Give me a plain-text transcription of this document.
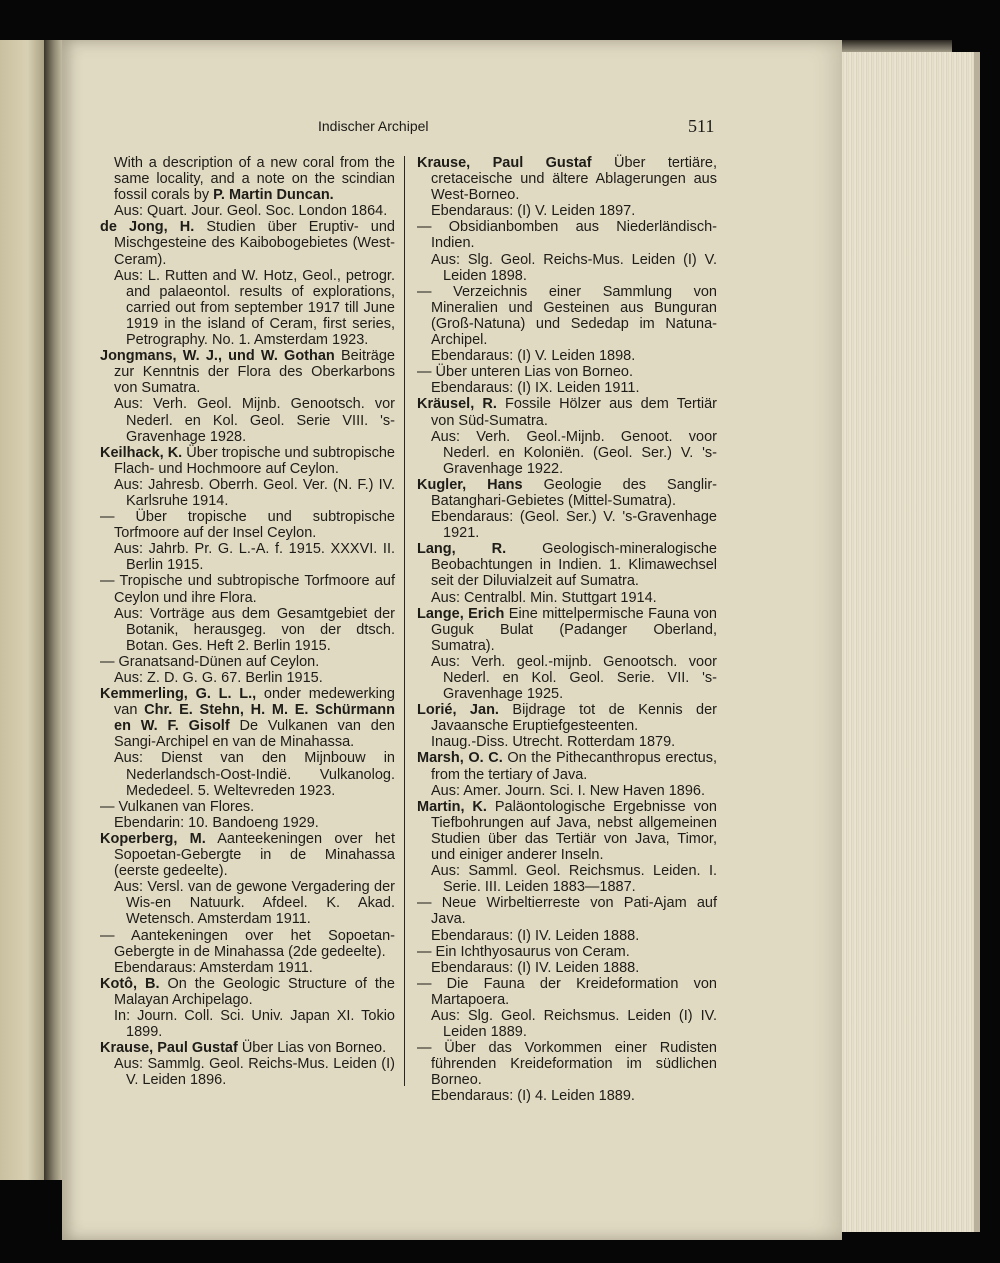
Indischer Archipel	511
With a description of a new coral from the same locality, and a note on the scindian fossil corals by P. Martin Duncan.
Aus: Quart. Jour. Geol. Soc. London 1864.
de Jong, H. Studien über Eruptiv- und Mischgesteine des Kaibobogebietes (West-Ceram).
Aus: L. Rutten and W. Hotz, Geol., petrogr. and palaeontol. results of explorations, carried out from september 1917 till June 1919 in the island of Ceram, first series, Petrography. No. 1. Amsterdam 1923.
Jongmans, W. J., und W. Gothan Beiträge zur Kenntnis der Flora des Oberkarbons von Sumatra.
Aus: Verh. Geol. Mijnb. Genootsch. vor Nederl. en Kol. Geol. Serie VIII. 's-Gravenhage 1928.
Keilhack, K. Über tropische und subtropische Flach- und Hochmoore auf Ceylon.
Aus: Jahresb. Oberrh. Geol. Ver. (N. F.) IV. Karlsruhe 1914.
— Über tropische und subtropische Torfmoore auf der Insel Ceylon.
Aus: Jahrb. Pr. G. L.-A. f. 1915. XXXVI. II. Berlin 1915.
— Tropische und subtropische Torfmoore auf Ceylon und ihre Flora.
Aus: Vorträge aus dem Gesamtgebiet der Botanik, herausgeg. von der dtsch. Botan. Ges. Heft 2. Berlin 1915.
— Granatsand-Dünen auf Ceylon.
Aus: Z. D. G. G. 67. Berlin 1915.
Kemmerling, G. L. L., onder medewerking van Chr. E. Stehn, H. M. E. Schürmann en W. F. Gisolf De Vulkanen van den Sangi-Archipel en van de Minahassa.
Aus: Dienst van den Mijnbouw in Nederlandsch-Oost-Indië. Vulkanolog. Mededeel. 5. Weltevreden 1923.
— Vulkanen van Flores.
Ebendarin: 10. Bandoeng 1929.
Koperberg, M. Aanteekeningen over het Sopoetan-Gebergte in de Minahassa (eerste gedeelte).
Aus: Versl. van de gewone Vergadering der Wis-en Natuurk. Afdeel. K. Akad. Wetensch. Amsterdam 1911.
— Aantekeningen over het Sopoetan-Gebergte in de Minahassa (2de gedeelte).
Ebendaraus: Amsterdam 1911.
Kotô, B. On the Geologic Structure of the Malayan Archipelago.
In: Journ. Coll. Sci. Univ. Japan XI. Tokio 1899.
Krause, Paul Gustaf Über Lias von Borneo.
Aus: Sammlg. Geol. Reichs-Mus. Leiden (I) V. Leiden 1896.
Krause, Paul Gustaf Über tertiäre, cretaceische und ältere Ablagerungen aus West-Borneo.
Ebendaraus: (I) V. Leiden 1897.
— Obsidianbomben aus Niederländisch-Indien.
Aus: Slg. Geol. Reichs-Mus. Leiden (I) V. Leiden 1898.
— Verzeichnis einer Sammlung von Mineralien und Gesteinen aus Bunguran (Groß-Natuna) und Sededap im Natuna-Archipel.
Ebendaraus: (I) V. Leiden 1898.
— Über unteren Lias von Borneo.
Ebendaraus: (I) IX. Leiden 1911.
Kräusel, R. Fossile Hölzer aus dem Tertiär von Süd-Sumatra.
Aus: Verh. Geol.-Mijnb. Genoot. voor Nederl. en Koloniën. (Geol. Ser.) V. 's-Gravenhage 1922.
Kugler, Hans Geologie des Sanglir-Batanghari-Gebietes (Mittel-Sumatra).
Ebendaraus: (Geol. Ser.) V. 's-Gravenhage 1921.
Lang, R. Geologisch-mineralogische Beobachtungen in Indien. 1. Klimawechsel seit der Diluvialzeit auf Sumatra.
Aus: Centralbl. Min. Stuttgart 1914.
Lange, Erich Eine mittelpermische Fauna von Guguk Bulat (Padanger Oberland, Sumatra).
Aus: Verh. geol.-mijnb. Genootsch. voor Nederl. en Kol. Geol. Serie. VII. 's-Gravenhage 1925.
Lorié, Jan. Bijdrage tot de Kennis der Javaansche Eruptiefgesteenten.
Inaug.-Diss. Utrecht. Rotterdam 1879.
Marsh, O. C. On the Pithecanthropus erectus, from the tertiary of Java.
Aus: Amer. Journ. Sci. I. New Haven 1896.
Martin, K. Paläontologische Ergebnisse von Tiefbohrungen auf Java, nebst allgemeinen Studien über das Tertiär von Java, Timor, und einiger anderer Inseln.
Aus: Samml. Geol. Reichsmus. Leiden. I. Serie. III. Leiden 1883—1887.
— Neue Wirbeltierreste von Pati-Ajam auf Java.
Ebendaraus: (I) IV. Leiden 1888.
— Ein Ichthyosaurus von Ceram.
Ebendaraus: (I) IV. Leiden 1888.
— Die Fauna der Kreideformation von Martapoera.
Aus: Slg. Geol. Reichsmus. Leiden (I) IV. Leiden 1889.
— Über das Vorkommen einer Rudisten führenden Kreideformation im südlichen Borneo.
Ebendaraus: (I) 4. Leiden 1889.
